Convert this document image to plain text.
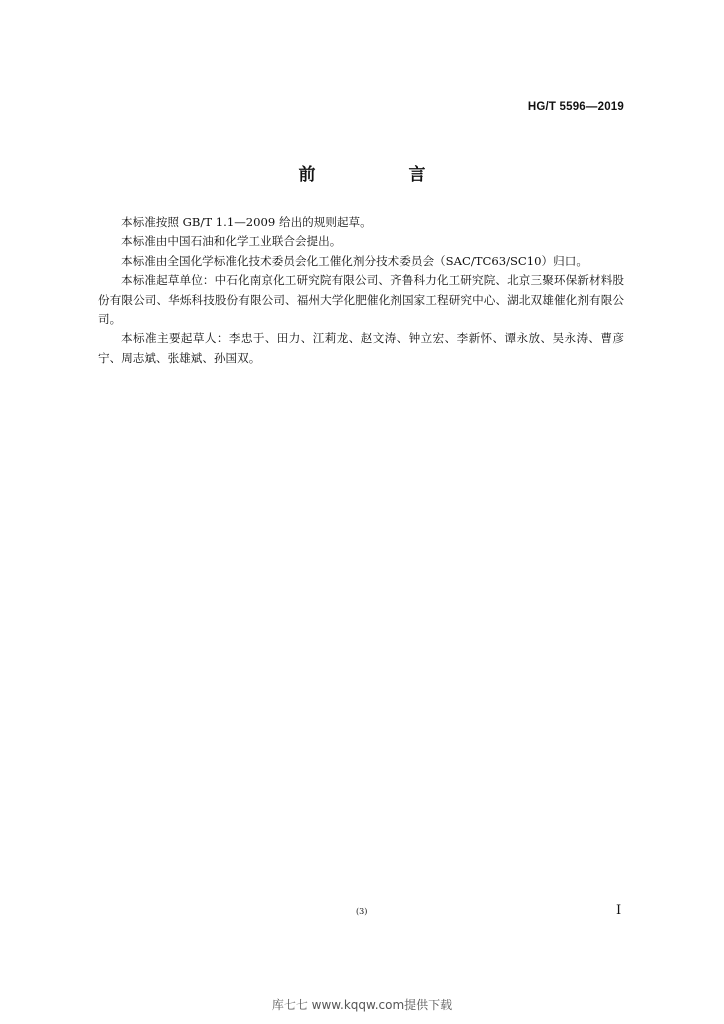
HG/T 5596—2019
前　言

本标准按照 GB/T 1.1—2009 给出的规则起草。

本标准由中国石油和化学工业联合会提出。

本标准由全国化学标准化技术委员会化工催化剂分技术委员会（SAC/TC63/SC10）归口。

本标准起草单位：中石化南京化工研究院有限公司、齐鲁科力化工研究院、北京三聚环保新材料股份有限公司、华烁科技股份有限公司、福州大学化肥催化剂国家工程研究中心、湖北双雄催化剂有限公司。

本标准主要起草人：李忠于、田力、江莉龙、赵文涛、钟立宏、李新怀、谭永放、吴永涛、曹彦宁、周志斌、张雄斌、孙国双。

(3)	I
库七七 www.kqqw.com提供下载
